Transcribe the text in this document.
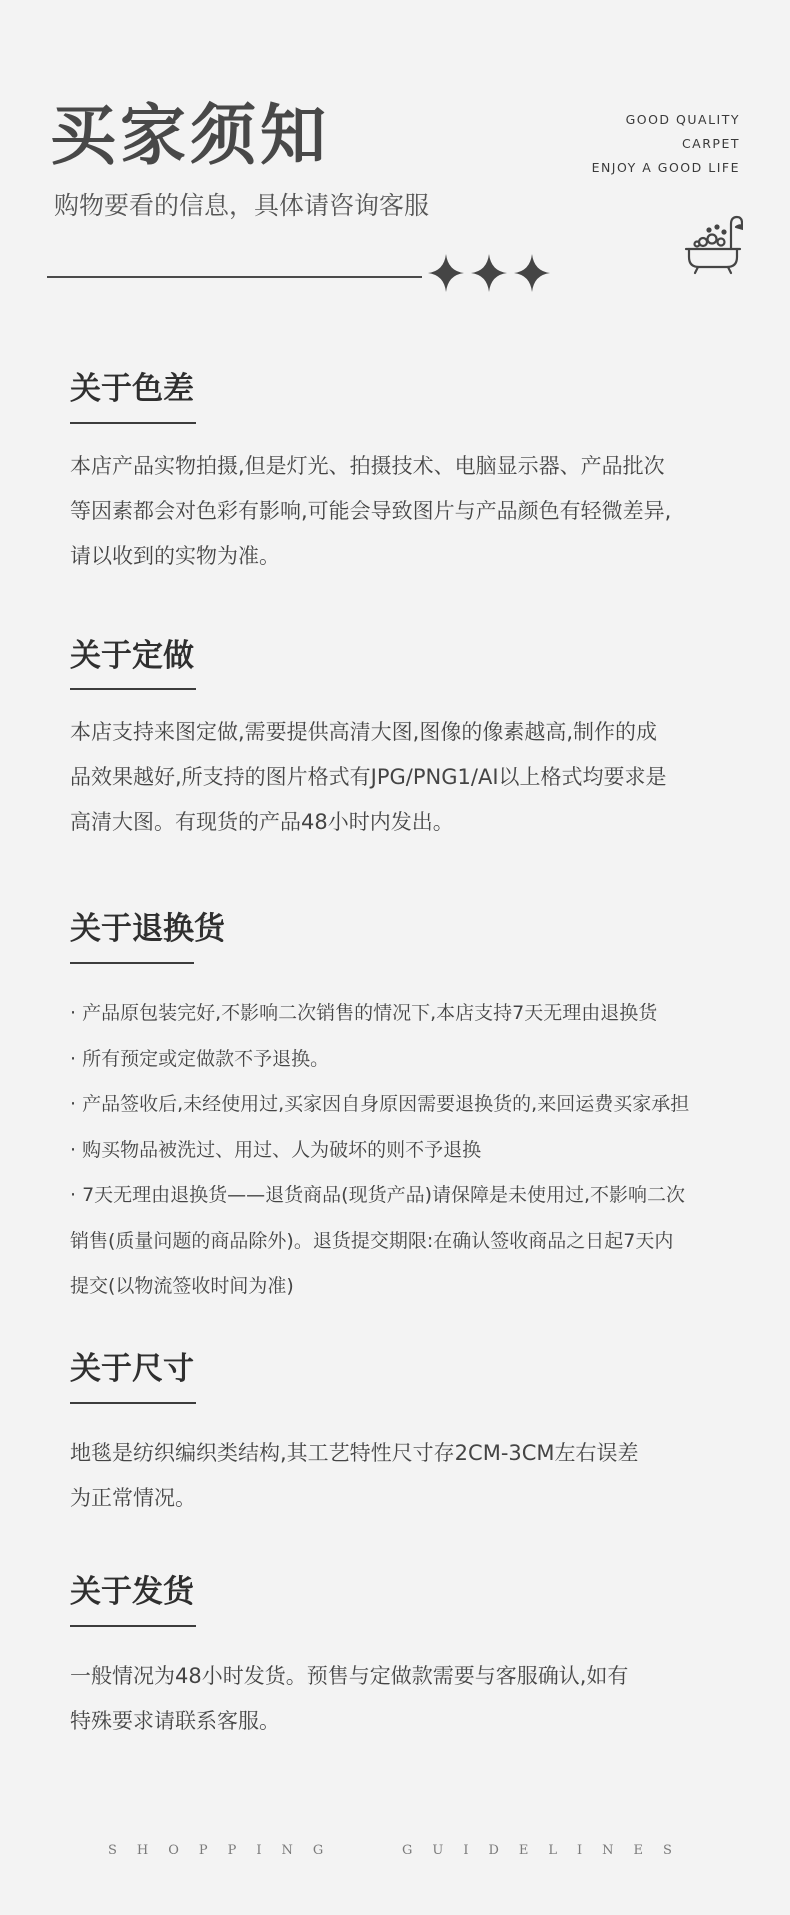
买家须知
购物要看的信息，具体请咨询客服
GOOD QUALITY
CARPET
ENJOY A GOOD LIFE
关于色差
本店产品实物拍摄,但是灯光、拍摄技术、电脑显示器、产品批次
等因素都会对色彩有影响,可能会导致图片与产品颜色有轻微差异,
请以收到的实物为准。
关于定做
本店支持来图定做,需要提供高清大图,图像的像素越高,制作的成
品效果越好,所支持的图片格式有JPG/PNG1/AI以上格式均要求是
高清大图。有现货的产品48小时内发出。
关于退换货
· 产品原包装完好,不影响二次销售的情况下,本店支持7天无理由退换货
· 所有预定或定做款不予退换。
· 产品签收后,未经使用过,买家因自身原因需要退换货的,来回运费买家承担
· 购买物品被洗过、用过、人为破坏的则不予退换
· 7天无理由退换货——退货商品(现货产品)请保障是未使用过,不影响二次
销售(质量问题的商品除外)。退货提交期限:在确认签收商品之日起7天内
提交(以物流签收时间为准)
关于尺寸
地毯是纺织编织类结构,其工艺特性尺寸存2CM-3CM左右误差
为正常情况。
关于发货
一般情况为48小时发货。预售与定做款需要与客服确认,如有
特殊要求请联系客服。
SHOPPING	GUIDELINES
